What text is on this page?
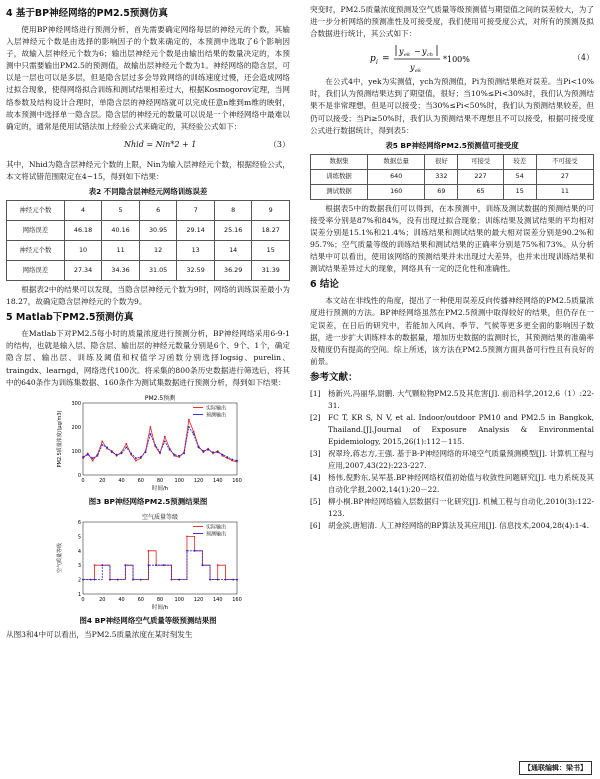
4 基于BP神经网络的PM2.5预测仿真

使用BP神经网络进行预测分析，首先需要确定网络每层的神经元的个数，其输入层神经元个数是由选择的影响因子的个数来确定的，本预测中选取了6个影响因子，故输入层神经元个数为6；输出层神经元个数是由输出结果的数量决定的，本预测中只需要输出PM2.5的预测值，故输出层神经元个数为1。神经网络的隐含层，可以是一层也可以是多层，但是隐含层过多会导致网络的训练速度过慢，还会造成网络过拟合现象，使得网络拟合训练和测试结果相差过大，根据Kosmogorov定理，当网络参数及结构设计合理时，单隐含层的神经网络就可以完成任意n维到m维的映射，故本预测中选择单一隐含层。隐含层的神经元的数量可以说是一个神经网络中最难以确定的，通常是使用试错法加上经验公式来确定的，其经验公式如下：

Nhid = Nin*2 + 1	（3）

其中，Nhid为隐含层神经元个数的上限，Nin为输入层神经元个数，根据经验公式，本文将试错范围限定在4~15，得到如下结果：

表2 不同隐含层神经元网络训练误差
神经元个数	4	5	6	7	8	9
网络误差	46.18	40.16	30.95	29.14	25.16	18.27
神经元个数	10	11	12	13	14	15
网络误差	27.34	34.36	31.05	32.59	36.29	31.39

根据表2中的结果可以发现，当隐含层神经元个数为9时，网络的训练误差最小为18.27，故确定隐含层神经元的个数为9。

5 Matlab下PM2.5预测仿真

在Matlab下对PM2.5每小时的质量浓度进行预测分析，BP神经网络采用6-9-1的结构，也就是输入层、隐含层、输出层的神经元数量分别是6个、9个、1个，确定隐含层、输出层、训练及阈值和权值学习函数分别选择logsig、purelin、traingdx、learngd，网络迭代100次。将采集的800条历史数据进行筛选后，将其中的640条作为训练集数据、160条作为测试集数据进行预测分析，得到如下结果：

PM2.5预测
0
100
200
300
0	20	40	60	80 100 120 140 160
时间/h
PM2.5质量浓度/(μg/m3)
实际输出
预测输出
图3 BP神经网络PM2.5预测结果图
空气质量等级
1
2
3
4
5
6
0	20	40	60	80 100 120 140 160
时间/h
空气质量等级
实际输出
预测输出
图4 BP神经网络空气质量等级预测结果图

从图3和4中可以看出，当PM2.5质量浓度在某时刻发生

突变时，PM2.5质量浓度预测及空气质量等级预测值与期望值之间的误差较大，为了进一步分析网络的预测准性及可接受度，我们使用可接受度公式，对所有的预测及拟合数据进行统计，其公式如下：

p i =
y ek − y ch
y ek
*100%	（4）

在公式4中，yek为实测值，ych为预测值，Pi为预测结果绝对误差。当Pi<10%时，我们认为预测结果达到了期望值，很好；当10%≤Pi<30%时，我们认为预测结果不是非常理想，但是可以接受；当30%≤Pi<50%时，我们认为预测结果较差，但仍可以接受；当Pi≥50%时，我们认为预测结果不理想且不可以接受，根据可接受度公式进行数据统计，得到表5：

表5 BP神经网络PM2.5预测值可接受度
数据集	数据总量	很好	可接受	较差	不可接受
训练数据	640	332	227	54	27
测试数据	160	69	65	15	11

根据表5中的数据我们可以得到，在本预测中，训练及测试数据的预测结果的可接受率分别是87%和84%，没有出现过拟合现象；训练结果及测试结果的平均相对误差分别是15.1%和21.4%；训练结果和测试结果的最大相对误差分别是90.2%和95.7%；空气质量等级的训练结果和测试结果的正确率分别是75%和73%。从分析结果中可以看出，使用该网络的预测结果并未出现过大差异，也并未出现训练结果和测试结果差异过大的现象，网络具有一定的泛化性和准确性。

6 结论

本文站在非线性的角度，提出了一种使用误差反向传播神经网络的PM2.5质量浓度进行预测的方法。BP神经网络虽然在PM2.5预测中取得较好的结果，但仍存在一定误差，在日后的研究中，若能加入风向、季节、气候等更多更全面的影响因子数据，进一步扩大训练样本的数据量，增加历史数据的监测时长，其预测结果的准确率及精度仍有提高的空间。综上所述，该方法在PM2.5预测方面具备可行性且有良好的前景。

参考文献：
[1] 杨新兴,冯丽华,尉鹏. 大气颗粒物PM2.5及其危害[J]. 前沿科学,2012,6（1）:22-31.
[2] FC T, KR S, N V, et al. Indoor/outdoor PM10 and PM2.5 in Bangkok, Thailand.[J].Journal of Exposure Analysis & Environmental Epidemiology, 2015,26(1):112－115.
[3] 祝翠玲,蒋志方,王强. 基于B-P神经网络的环境空气质量预测模型[J]. 计算机工程与应用,2007,43(22):223-227.
[4] 杨伟,倪黔东,吴军基.BP神经网络权值初始值与收敛性问题研究[J]. 电力系统及其自动化学报,2002,14(1):20－22.
[5] 柳小桐.BP神经网络输入层数据归一化研究[J]. 机械工程与自动化,2010(3):122-123.
[6] 胡金滨,唐旭清. 人工神经网络的BP算法及其应用[J]. 信息技术,2004,28(4):1-4.
【通联编辑：梁书】
